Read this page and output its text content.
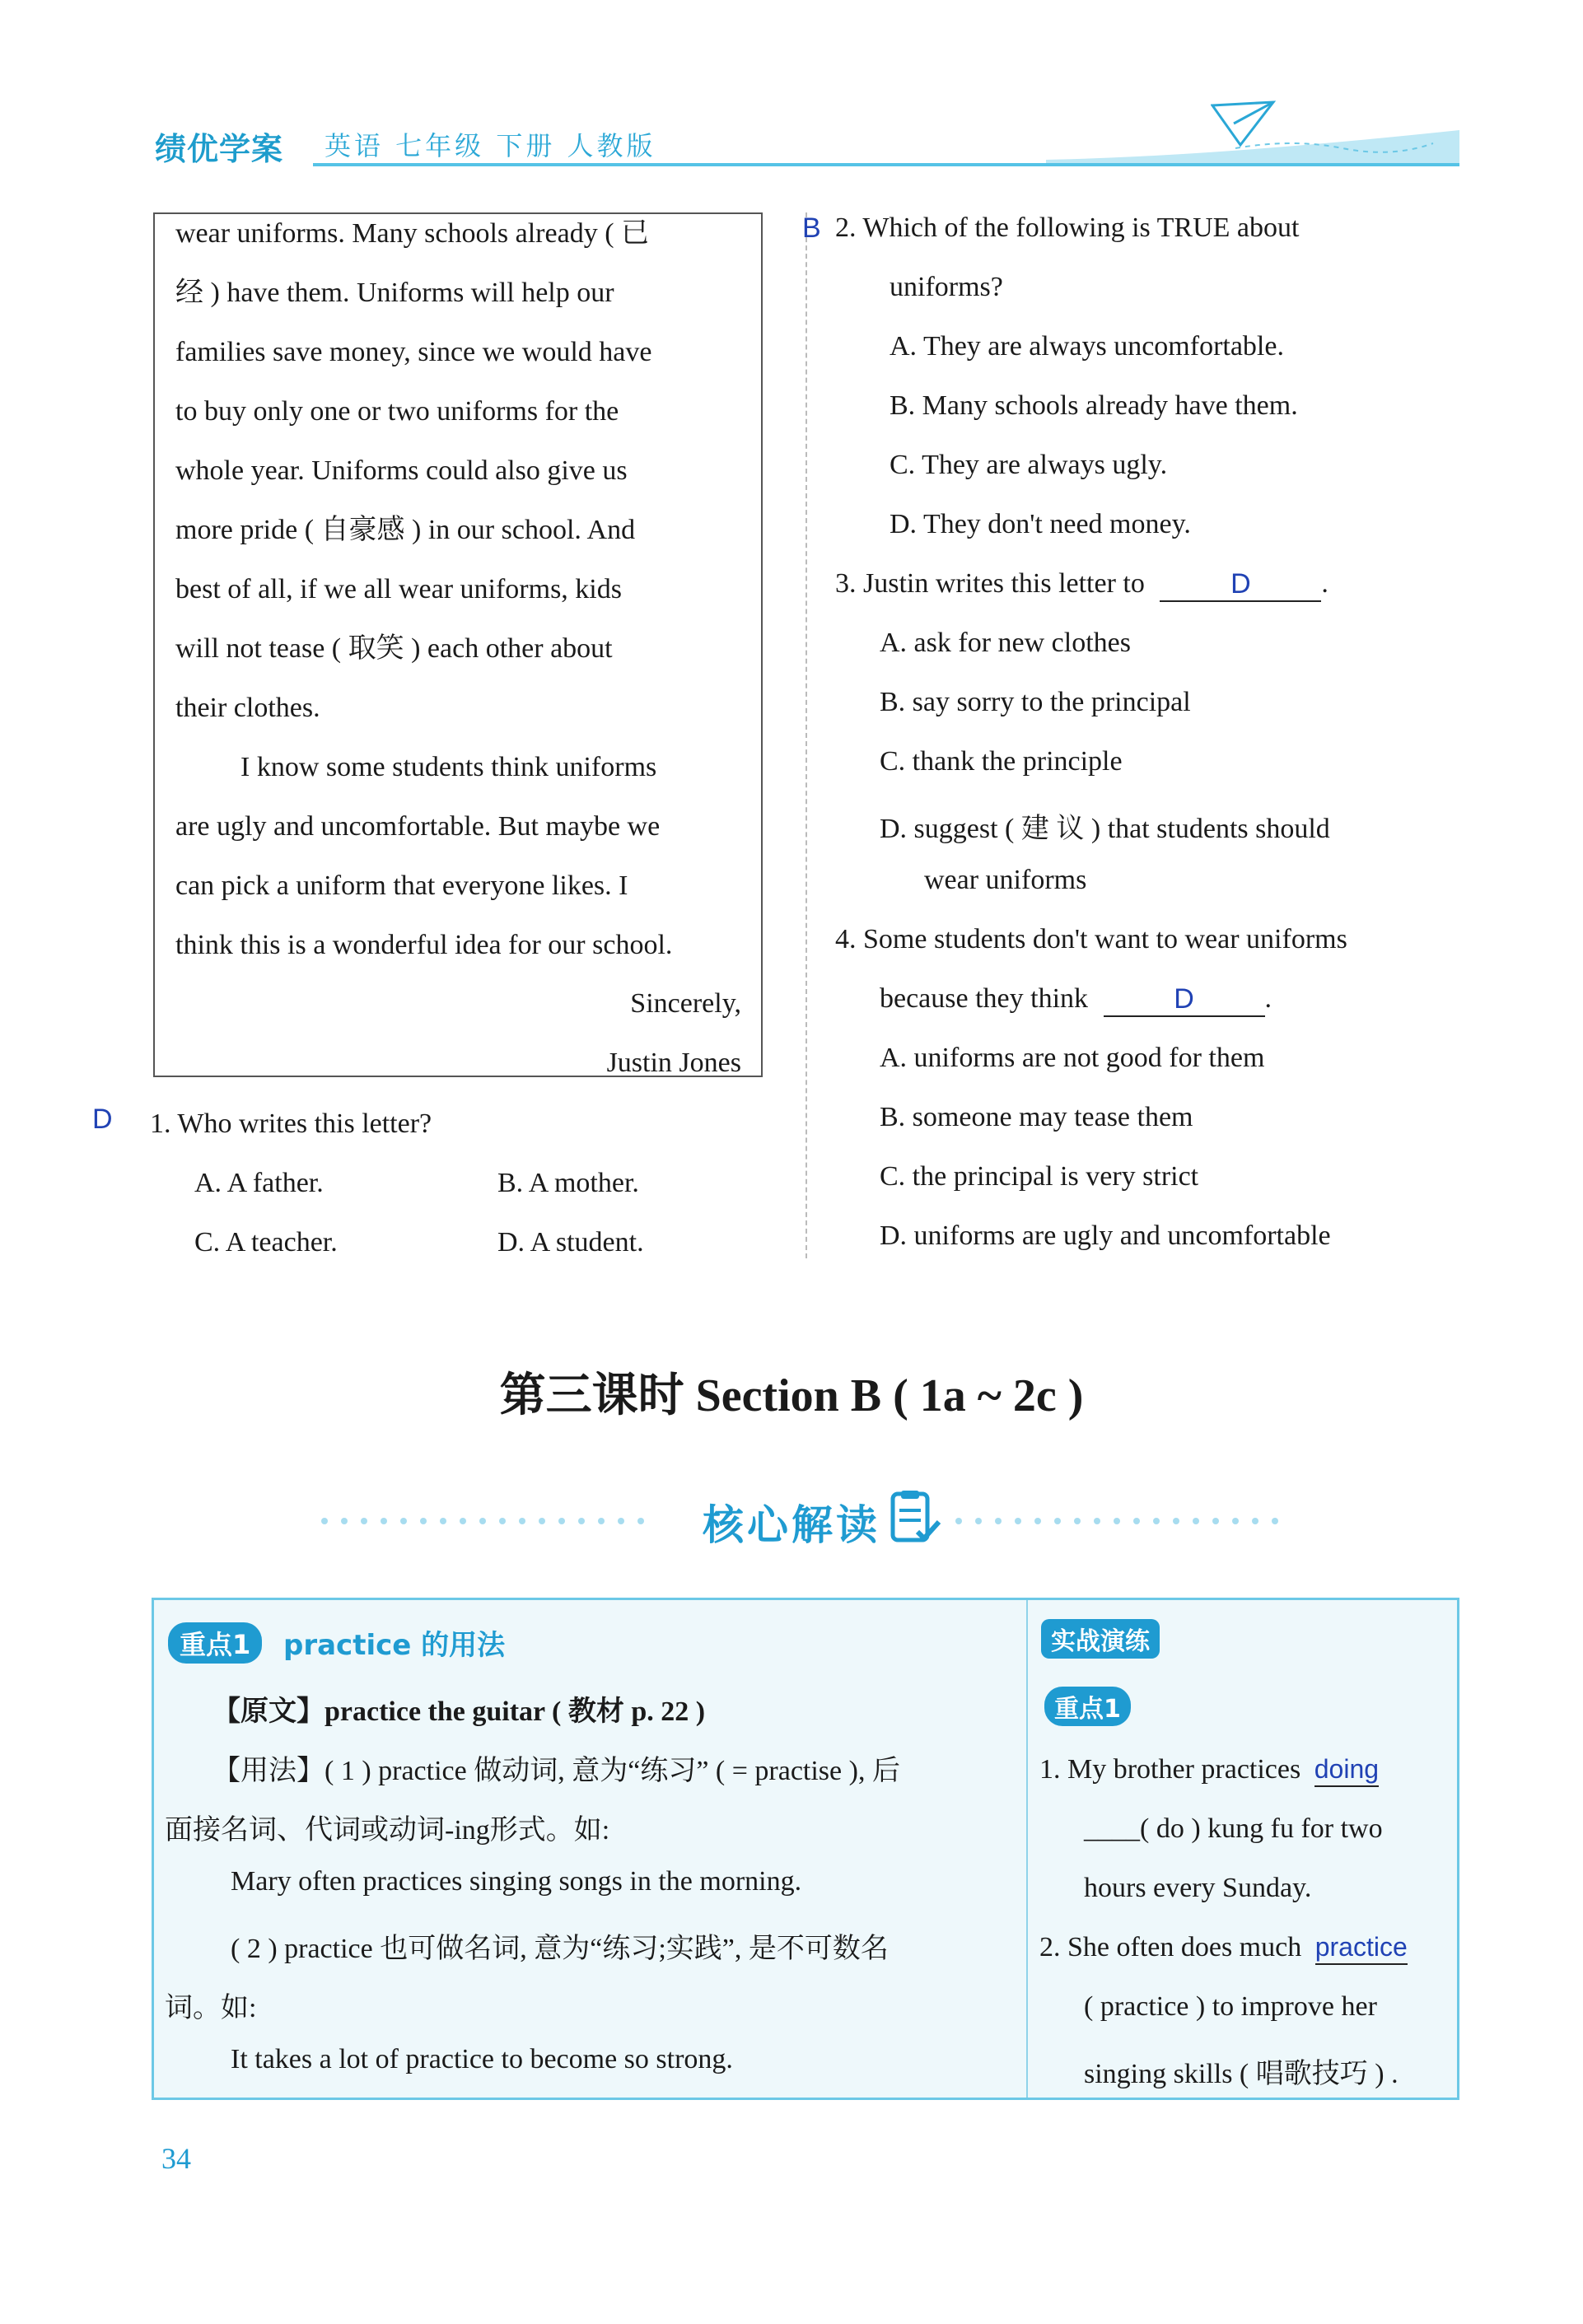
绩优学案 英语 七年级 下册 人教版
wear uniforms. Many schools already ( 已
经 ) have them. Uniforms will help our
families save money, since we would have
to buy only one or two uniforms for the
whole year. Uniforms could also give us
more pride ( 自豪感 ) in our school. And
best of all, if we all wear uniforms, kids
will not tease ( 取笑 ) each other about
their clothes.
I know some students think uniforms
are ugly and uncomfortable. But maybe we
can pick a uniform that everyone likes. I
think this is a wonderful idea for our school.
Sincerely,
Justin Jones
D 1. Who writes this letter?
A. A father.	B. A mother.
C. A teacher.	D. A student.
B 2. Which of the following is TRUE about
uniforms?
A. They are always uncomfortable.
B. Many schools already have them.
C. They are always ugly.
D. They don't need money.
3. Justin writes this letter to	D	.
A. ask for new clothes
B. say sorry to the principal
C. thank the principle
D. suggest ( 建 议 ) that students should
wear uniforms
4. Some students don't want to wear uniforms
because they think	D	.
A. uniforms are not good for them
B. someone may tease them
C. the principal is very strict
D. uniforms are ugly and uncomfortable
第三课时 Section B ( 1a ~ 2c )
核心解读
重点1	practice 的用法
【原文】practice the guitar ( 教材 p. 22 )
【用法】( 1 ) practice 做动词, 意为“练习” ( = practise ), 后
面接名词、代词或动词-ing形式。如:
Mary often practices singing songs in the morning.
( 2 ) practice 也可做名词, 意为“练习;实践”, 是不可数名
词。如:
It takes a lot of practice to become so strong.
实战演练
重点1
1. My brother practices doing
____( do ) kung fu for two
hours every Sunday.
2. She often does much practice
( practice ) to improve her
singing skills ( 唱歌技巧 ) .
34
